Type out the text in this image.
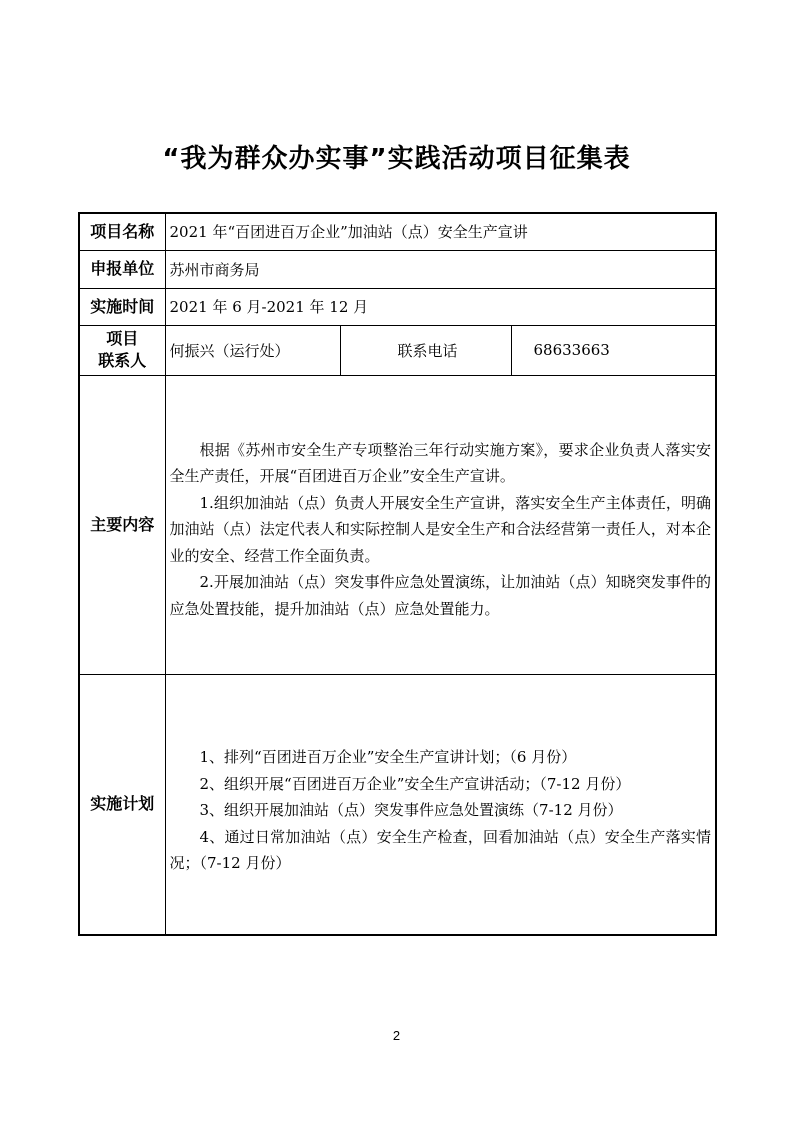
“我为群众办实事”实践活动项目征集表
项目名称	2021 年“百团进百万企业”加油站（点）安全生产宣讲		
申报单位	苏州市商务局		
实施时间	2021 年 6 月-2021 年 12 月		

项目
联系人	何振兴（运行处）	联系电话	68633663
主要内容	根据《苏州市安全生产专项整治三年行动实施方案》，要求企业负责人落实安全生产责任，开展“百团进百万企业”安全生产宣讲。

1.组织加油站（点）负责人开展安全生产宣讲，落实安全生产主体责任，明确加油站（点）法定代表人和实际控制人是安全生产和合法经营第一责任人，对本企业的安全、经营工作全面负责。

2.开展加油站（点）突发事件应急处置演练，让加油站（点）知晓突发事件的应急处置技能，提升加油站（点）应急处置能力。		

实施计划	1、排列“百团进百万企业”安全生产宣讲计划；（6 月份）

2、组织开展“百团进百万企业”安全生产宣讲活动；（7-12 月份）

3、组织开展加油站（点）突发事件应急处置演练（7-12 月份）

4、通过日常加油站（点）安全生产检查，回看加油站（点）安全生产落实情况；（7-12 月份）		

2
